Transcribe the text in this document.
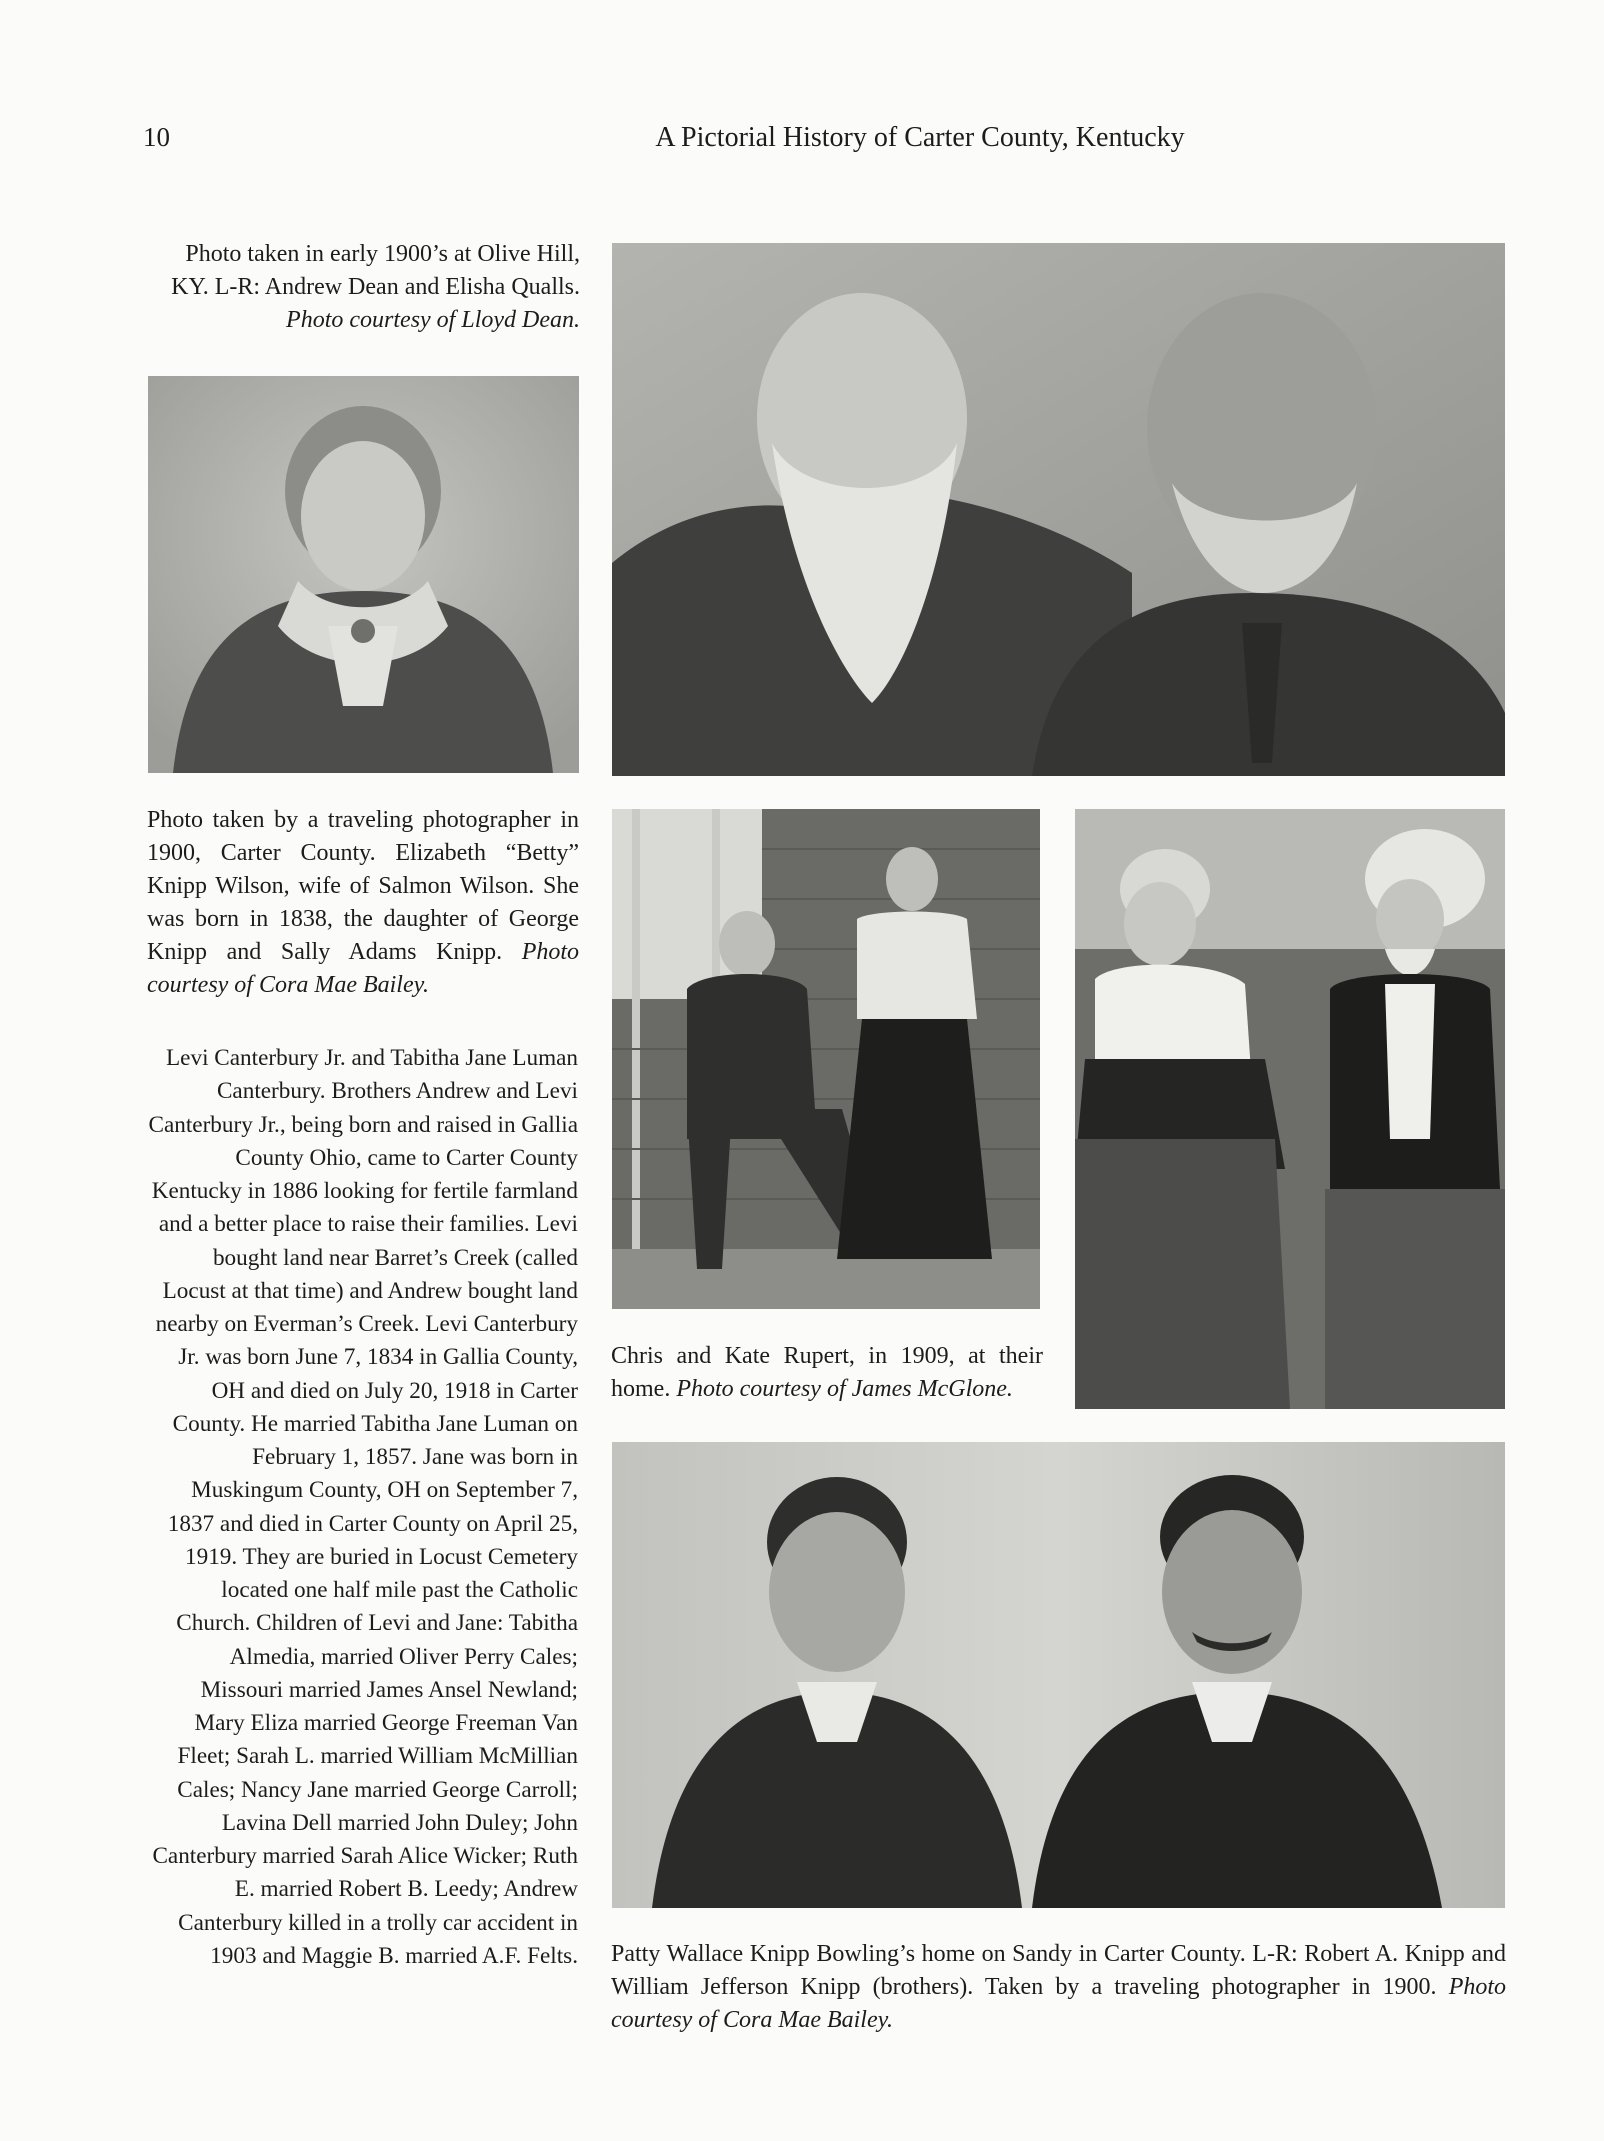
10	A Pictorial History of Carter County, Kentucky
Photo taken in early 1900’s at Olive Hill, KY. L-R: Andrew Dean and Elisha Qualls. Photo courtesy of Lloyd Dean.
Photo taken by a traveling photographer in 1900, Carter County. Elizabeth “Betty” Knipp Wilson, wife of Salmon Wilson. She was born in 1838, the daughter of George Knipp and Sally Adams Knipp. Photo courtesy of Cora Mae Bailey.
Levi Canterbury Jr. and Tabitha Jane Luman Canterbury. Brothers Andrew and Levi Canterbury Jr., being born and raised in Gallia County Ohio, came to Carter County Kentucky in 1886 looking for fertile farmland and a better place to raise their families. Levi bought land near Barret’s Creek (called Locust at that time) and Andrew bought land nearby on Everman’s Creek. Levi Canterbury Jr. was born June 7, 1834 in Gallia County, OH and died on July 20, 1918 in Carter County. He married Tabitha Jane Luman on February 1, 1857. Jane was born in Muskingum County, OH on September 7, 1837 and died in Carter County on April 25, 1919. They are buried in Locust Cemetery located one half mile past the Catholic Church. Children of Levi and Jane: Tabitha Almedia, married Oliver Perry Cales; Missouri married James Ansel Newland; Mary Eliza married George Freeman Van Fleet; Sarah L. married William McMillian Cales; Nancy Jane married George Carroll; Lavina Dell married John Duley; John Canterbury married Sarah Alice Wicker; Ruth E. married Robert B. Leedy; Andrew Canterbury killed in a trolly car accident in 1903 and Maggie B. married A.F. Felts.
Chris and Kate Rupert, in 1909, at their home. Photo courtesy of James McGlone.
Patty Wallace Knipp Bowling’s home on Sandy in Carter County. L-R: Robert A. Knipp and William Jefferson Knipp (brothers). Taken by a traveling photographer in 1900. Photo courtesy of Cora Mae Bailey.
